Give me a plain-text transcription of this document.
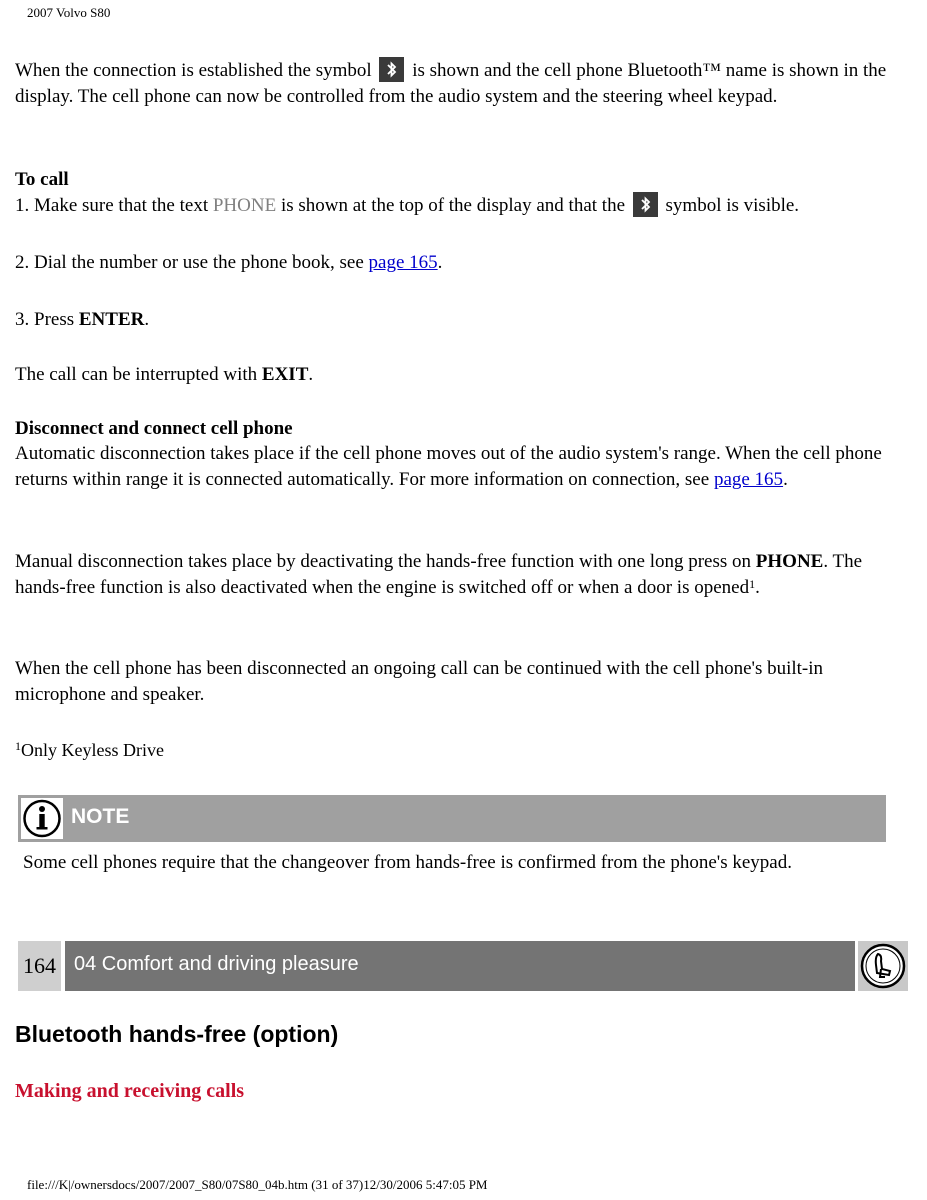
2007 Volvo S80
When the connection is established the symbol is shown and the cell phone Bluetooth™ name is shown in the display. The cell phone can now be controlled from the audio system and the steering wheel keypad.
To call
1. Make sure that the text PHONE is shown at the top of the display and that the symbol is visible.
2. Dial the number or use the phone book, see page 165.
3. Press ENTER.
The call can be interrupted with EXIT.
Disconnect and connect cell phone
Automatic disconnection takes place if the cell phone moves out of the audio system's range. When the cell phone returns within range it is connected automatically. For more information on connection, see page 165.
Manual disconnection takes place by deactivating the hands-free function with one long press on PHONE. The hands-free function is also deactivated when the engine is switched off or when a door is opened$^1$.
When the cell phone has been disconnected an ongoing call can be continued with the cell phone's built-in microphone and speaker.
$^1$Only Keyless Drive
NOTE
Some cell phones require that the changeover from hands-free is confirmed from the phone's keypad.
164 04 Comfort and driving pleasure
Bluetooth hands-free (option)
Making and receiving calls
file:///K|/ownersdocs/2007/2007_S80/07S80_04b.htm (31 of 37)12/30/2006 5:47:05 PM
